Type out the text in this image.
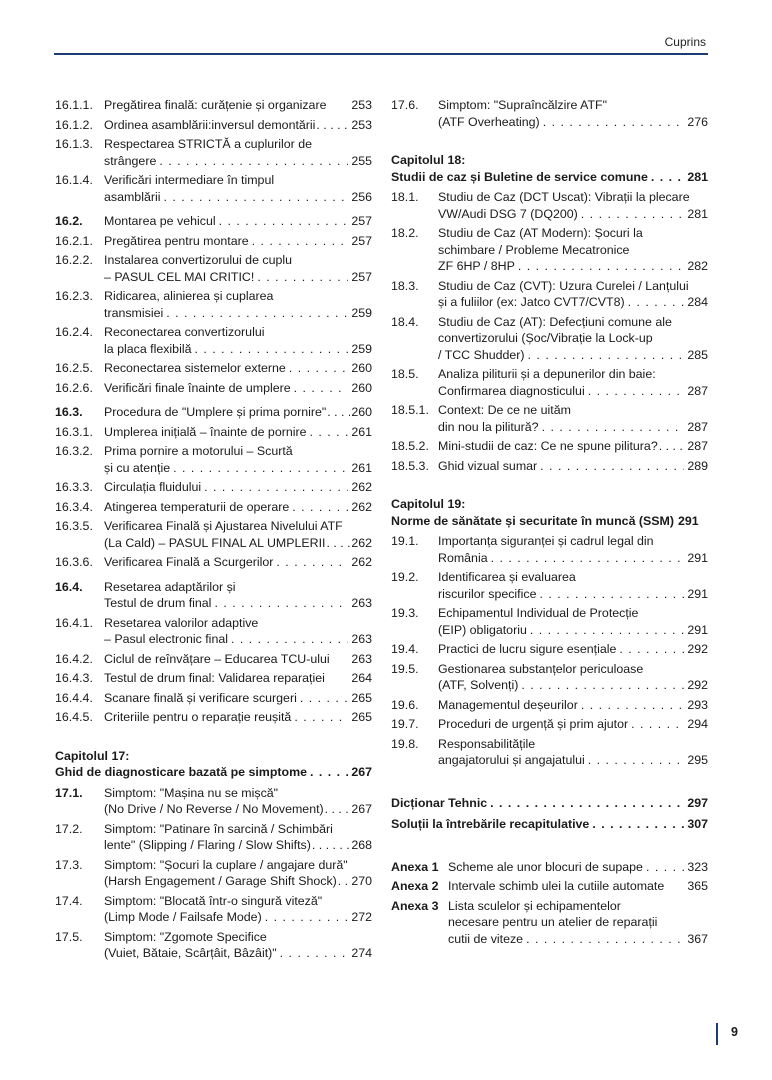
Cuprins
16.1.1. Pregătirea finală: curățenie și organizare	253
16.1.2. Ordinea asamblării:inversul demontării . . .	253
16.1.3. Respectarea STRICTĂ a cuplurilor de
strângere . . .	255
16.1.4. Verificări intermediare în timpul
asamblării . . .	256
16.2.	Montarea pe vehicul . . .	257
16.2.1. Pregătirea pentru montare . . .	257
16.2.2. Instalarea convertizorului de cuplu
– PASUL CEL MAI CRITIC! . . .	257
16.2.3. Ridicarea, alinierea și cuplarea
transmisiei . . .	259
16.2.4. Reconectarea convertizorului
la placa flexibilă . . .	259
16.2.5. Reconectarea sistemelor externe . . .	260
16.2.6. Verificări finale înainte de umplere . . .	260
16.3.	Procedura de "Umplere și prima pornire" . . . 260
16.3.1. Umplerea inițială – înainte de pornire . . .	261
16.3.2. Prima pornire a motorului – Scurtă
și cu atenție . . .	261
16.3.3. Circulația fluidului . . .	262
16.3.4. Atingerea temperaturii de operare . . .	262
16.3.5. Verificarea Finală și Ajustarea Nivelului ATF
(La Cald) – PASUL FINAL AL UMPLERII . . . 262
16.3.6. Verificarea Finală a Scurgerilor . . .	262
16.4.	Resetarea adaptărilor și
Testul de drum final . . .	263
16.4.1. Resetarea valorilor adaptive
– Pasul electronic final . . .	263
16.4.2. Ciclul de reînvățare – Educarea TCU-ului	263
16.4.3. Testul de drum final: Validarea reparației	264
16.4.4. Scanare finală și verificare scurgeri . . .	265
16.4.5. Criteriile pentru o reparație reușită . . .	265
Capitolul 17:
Ghid de diagnosticare bazată pe simptome . . .	267
17.1.	Simptom: "Mașina nu se mișcă"
(No Drive / No Reverse / No Movement) . . . 267
17.2.	Simptom: "Patinare în sarcină / Schimbări
lente" (Slipping / Flaring / Slow Shifts) . . .	268
17.3.	Simptom: "Șocuri la cuplare / angajare dură"
(Harsh Engagement / Garage Shift Shock) . . . 270
17.4.	Simptom: "Blocată într-o singură viteză"
(Limp Mode / Failsafe Mode) . . .	272
17.5.	Simptom: "Zgomote Specifice
(Vuiet, Bătaie, Scârțâit, Bâzâit)" . . .	274
17.6.	Simptom: "Supraîncălzire ATF"
(ATF Overheating) . . .	276
Capitolul 18:
Studii de caz și Buletine de service comune . . .	281
18.1.	Studiu de Caz (DCT Uscat): Vibrații la plecare
VW/Audi DSG 7 (DQ200) . . .	281
18.2.	Studiu de Caz (AT Modern): Șocuri la
schimbare / Probleme Mecatronice
ZF 6HP / 8HP . . .	282
18.3.	Studiu de Caz (CVT): Uzura Curelei / Lanțului
și a fuliilor (ex: Jatco CVT7/CVT8) . . .	284
18.4.	Studiu de Caz (AT): Defecțiuni comune ale
convertizorului (Șoc/Vibrație la Lock-up
/ TCC Shudder) . . .	285
18.5.	Analiza piliturii și a depunerilor din baie:
Confirmarea diagnosticului . . .	287
18.5.1. Context: De ce ne uităm
din nou la pilitură? . . .	287
18.5.2. Mini-studii de caz: Ce ne spune pilitura? . . . 287
18.5.3. Ghid vizual sumar . . .	289
Capitolul 19:
Norme de sănătate și securitate în muncă (SSM) 291
19.1.	Importanța siguranței și cadrul legal din
România . . .	291
19.2.	Identificarea și evaluarea
riscurilor specifice . . .	291
19.3.	Echipamentul Individual de Protecție
(EIP) obligatoriu . . .	291
19.4.	Practici de lucru sigure esențiale . . .	292
19.5.	Gestionarea substanțelor periculoase
(ATF, Solvenți) . . .	292
19.6.	Managementul deșeurilor . . .	293
19.7.	Proceduri de urgență și prim ajutor . . .	294
19.8.	Responsabilitățile
angajatorului și angajatului . . .	295
Dicționar Tehnic . . .	297
Soluții la întrebările recapitulative . . .	307
Anexa 1 Scheme ale unor blocuri de supape . . .	323
Anexa 2 Intervale schimb ulei la cutiile automate	365
Anexa 3 Lista sculelor și echipamentelor
necesare pentru un atelier de reparații
cutii de viteze . . .	367
9
